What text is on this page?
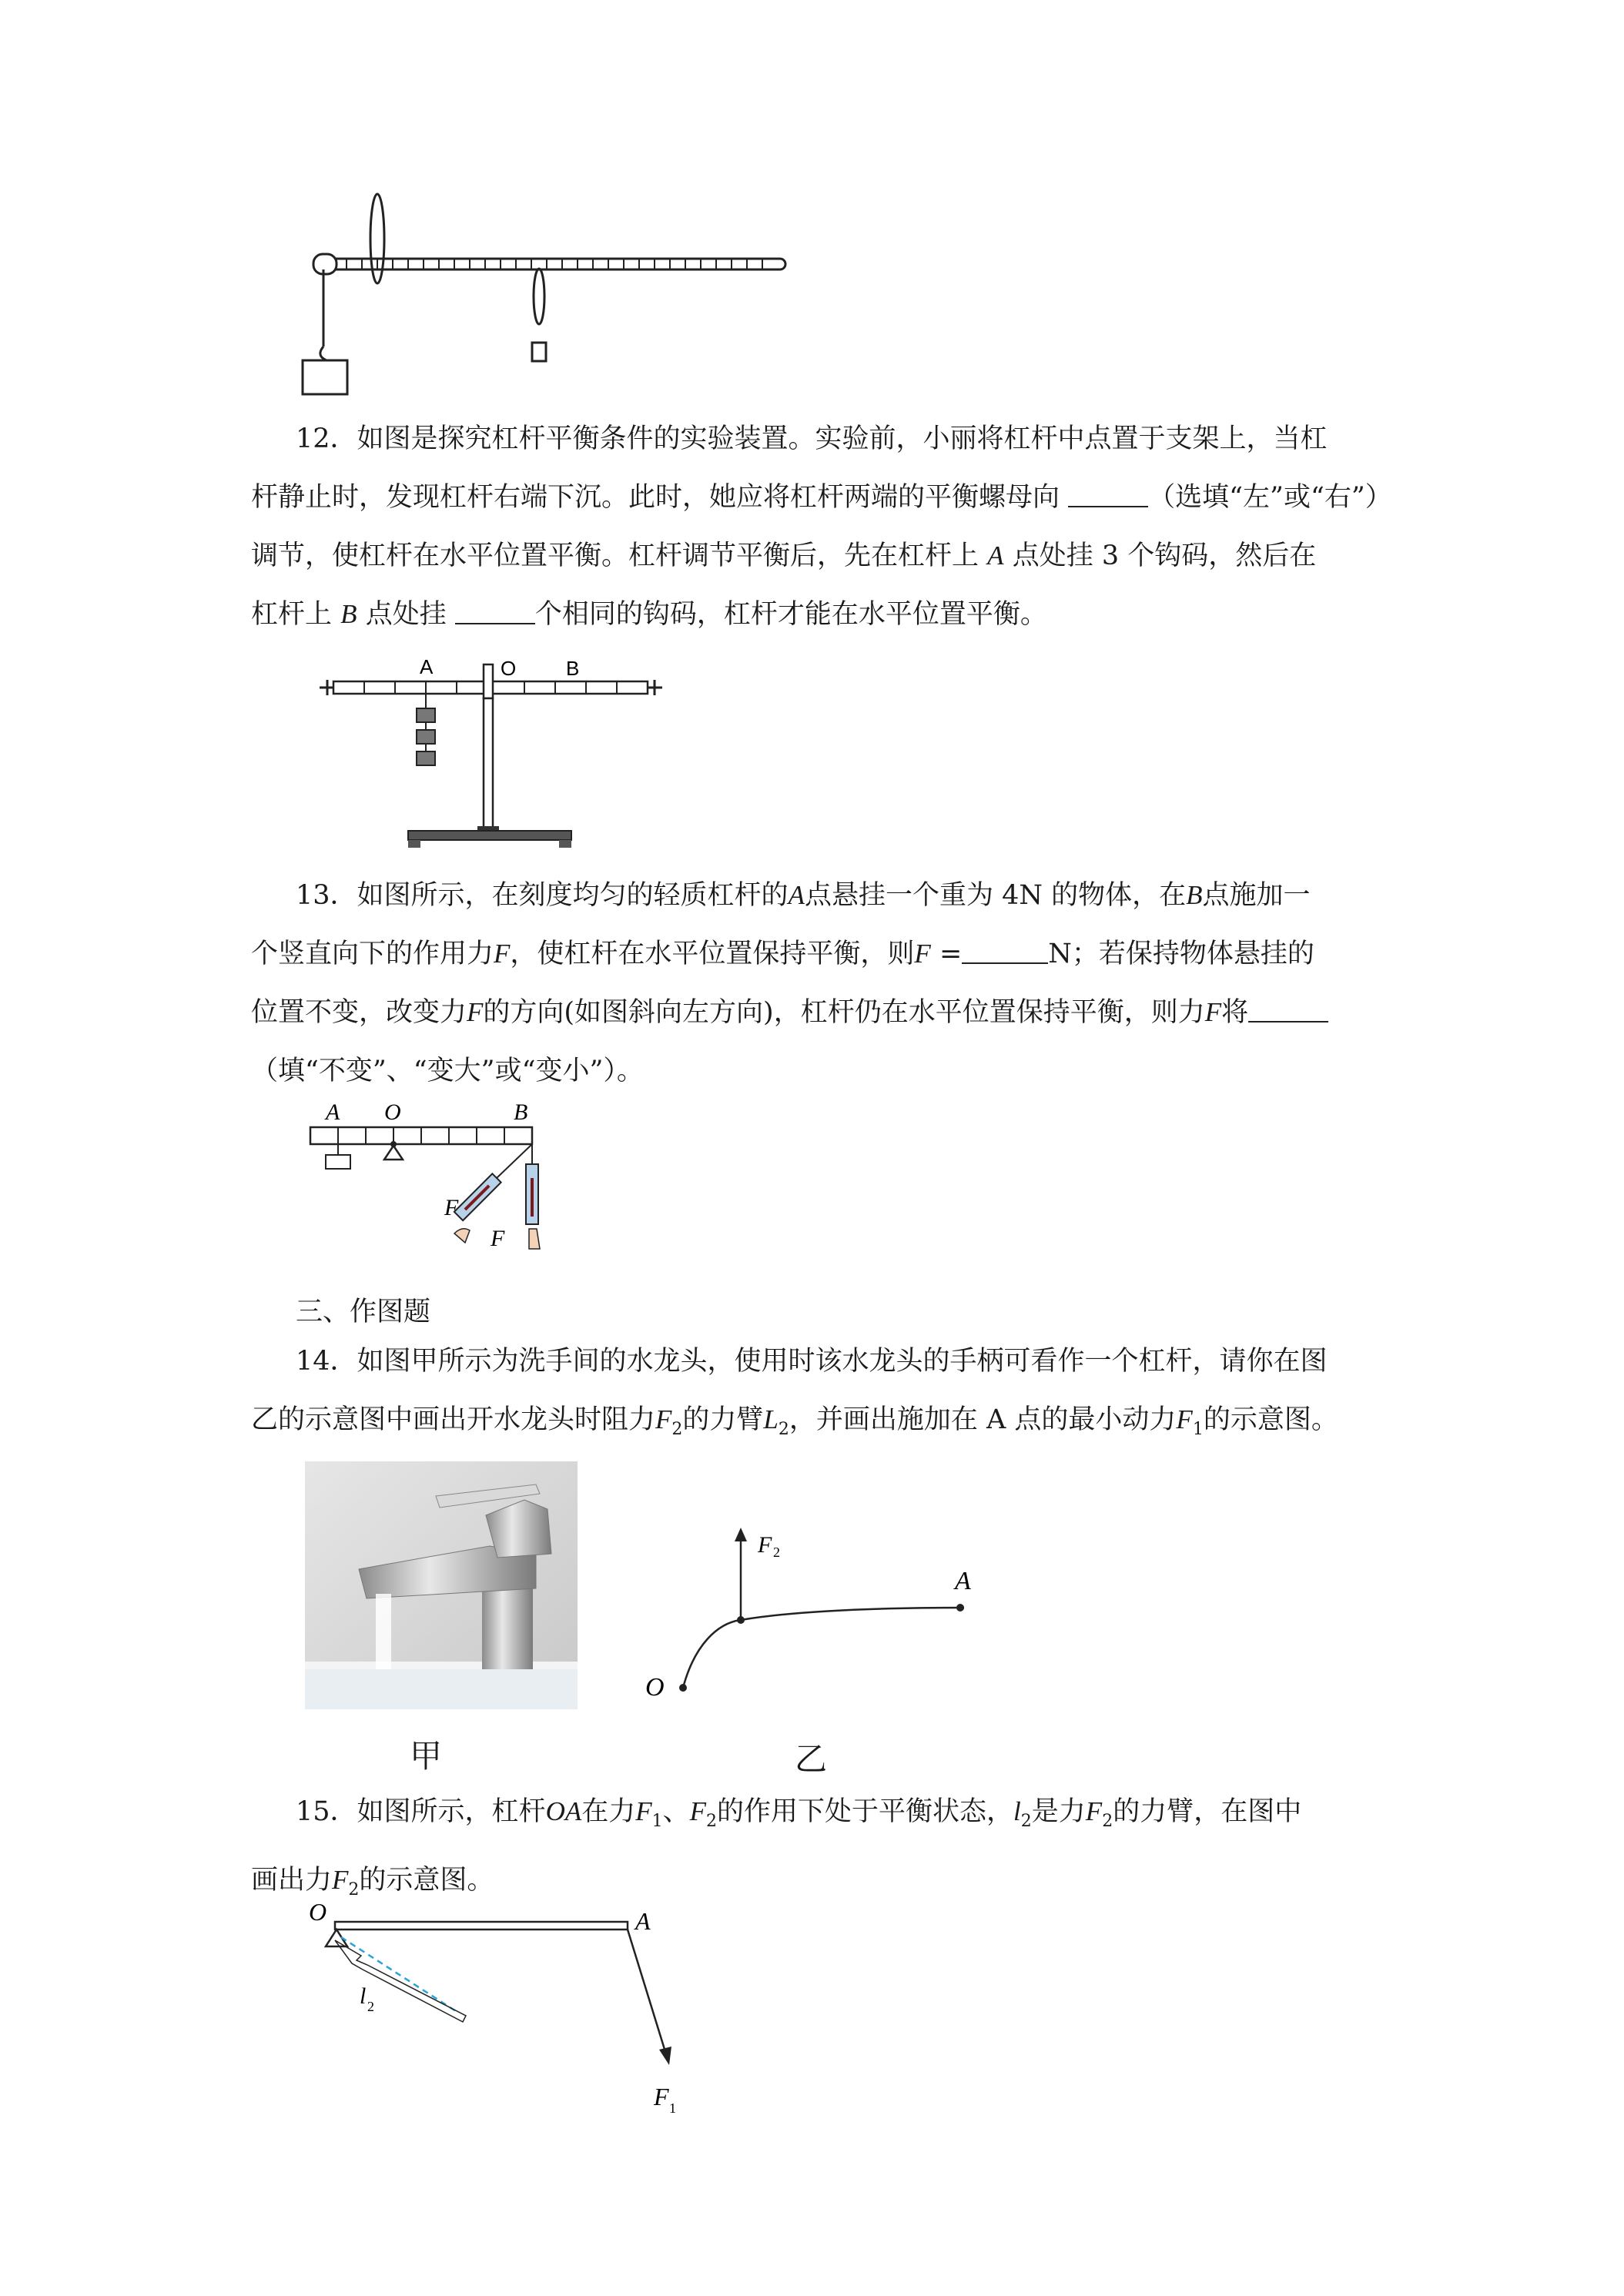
12．如图是探究杠杆平衡条件的实验装置。实验前，小丽将杠杆中点置于支架上，当杠
杆静止时，发现杠杆右端下沉。此时，她应将杠杆两端的平衡螺母向	（选填“左”或“右”）
调节，使杠杆在水平位置平衡。杠杆调节平衡后，先在杠杆上 A 点处挂 3 个钩码，然后在
杠杆上 B 点处挂	个相同的钩码，杠杆才能在水平位置平衡。
A	O B
13．如图所示，在刻度均匀的轻质杠杆的A点悬挂一个重为 4N 的物体，在B点施加一
个竖直向下的作用力F，使杠杆在水平位置保持平衡，则F =	N；若保持物体悬挂的
位置不变，改变力F的方向(如图斜向左方向)，杠杆仍在水平位置保持平衡，则力F将
（填“不变”、“变大”或“变小”）。
A O	B
F
F
三、作图题
14．如图甲所示为洗手间的水龙头，使用时该水龙头的手柄可看作一个杠杆，请你在图
乙的示意图中画出开水龙头时阻力$F_2$的力臂$L_2$，并画出施加在 A 点的最小动力$F_1$的示意图。
F 2
A
O
甲	乙
15．如图所示，杠杆OA在力$F_1$、$F_2$的作用下处于平衡状态，$l_2$是力$F_2$的力臂，在图中
画出力$F_2$的示意图。
O	A
l 2
F 1
